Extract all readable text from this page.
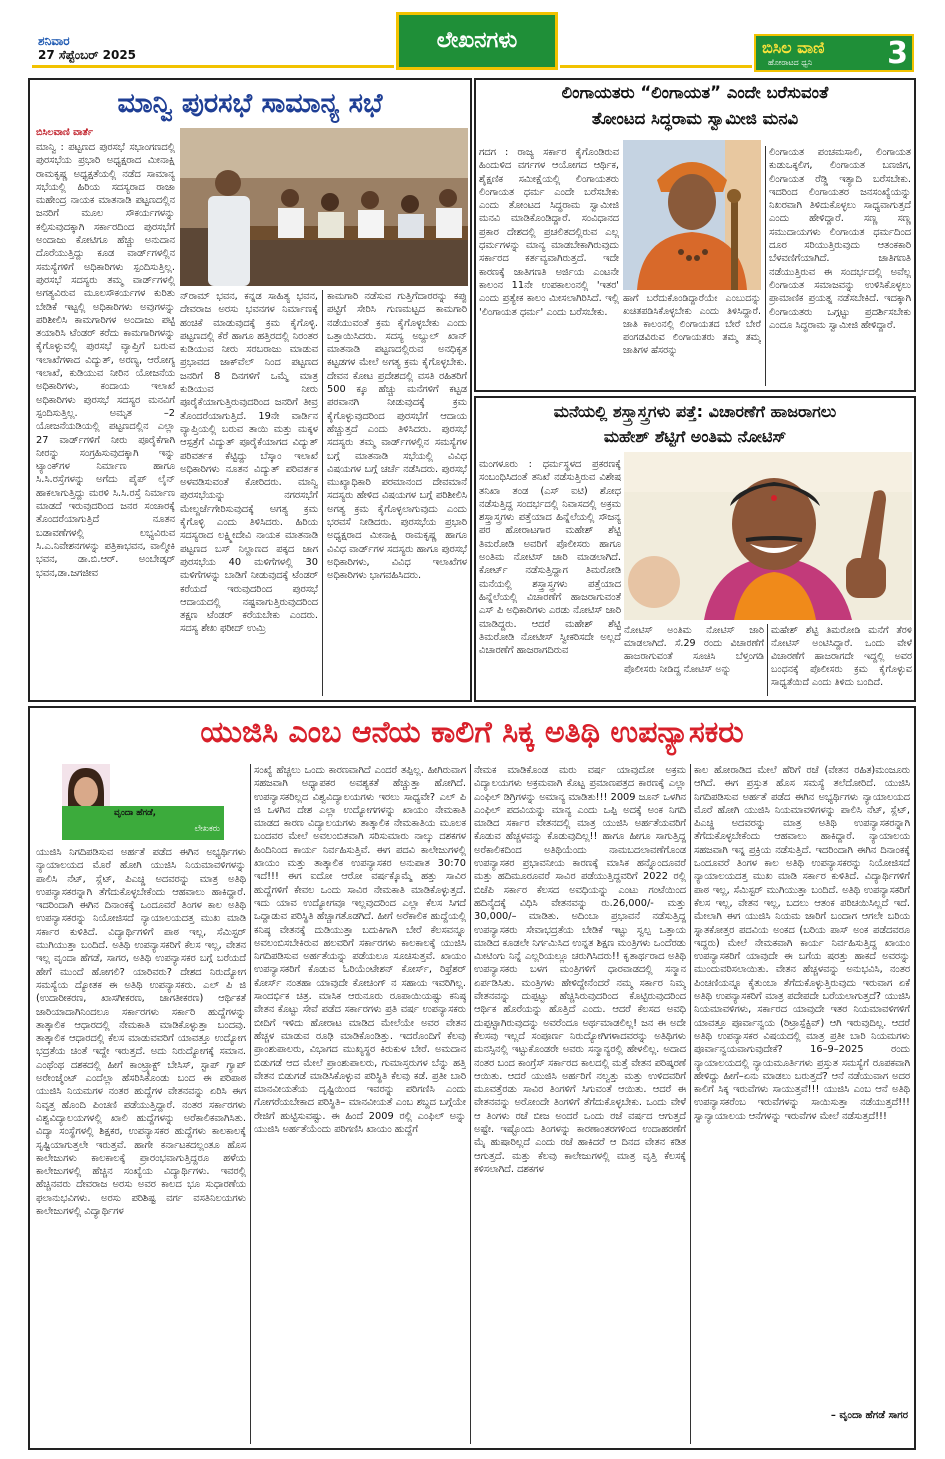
ಶನಿವಾರ
27 ಸೆಪ್ಟೆಂಬರ್ 2025
ಲೇಖನಗಳು	ಬಿಸಿಲ ವಾಣಿ
ಹೋರಾಟದ ಧ್ವನಿ 3
ಮಾನ್ವಿ ಪುರಸಭೆ ಸಾಮಾನ್ಯ ಸಭೆ
ಬಿಸಿಲವಾಣಿ ವಾರ್ತೆ
ಮಾನ್ವಿ : ಪಟ್ಟಣದ ಪುರಸಭೆ ಸಭಾಂಗಣದಲ್ಲಿ ಪುರಸಭೆಯ ಪ್ರಭಾರಿ ಅಧ್ಯಕ್ಷರಾದ ಮೀನಾಕ್ಷಿ ರಾಮಕೃಷ್ಣ ಅಧ್ಯಕ್ಷತೆಯಲ್ಲಿ ನಡೆದ ಸಾಮಾನ್ಯ ಸಭೆಯಲ್ಲಿ ಹಿರಿಯ ಸದಸ್ಯರಾದ ರಾಜಾ ಮಹೇಂದ್ರ ನಾಯಕ ಮಾತನಾಡಿ ಪಟ್ಟಣದಲ್ಲಿನ ಜನರಿಗೆ ಮೂಲ ಸೌಕರ್ಯಗಳನ್ನು ಕಲ್ಪಿಸುವುದಕ್ಕಾಗಿ ಸರ್ಕಾರದಿಂದ ಪುರಸಭೆಗೆ ಅಂದಾಜು ಕೋಟಿಗೂ ಹೆಚ್ಚು ಅನುದಾನ ದೊರೆಯುತ್ತಿದ್ದು ಕೂಡ ವಾರ್ಡ್‌ಗಳಲ್ಲಿನ ಸಮಸ್ಯೆಗಳಿಗೆ ಅಧಿಕಾರಿಗಳು ಸ್ಪಂದಿಸುತ್ತಿಲ್ಲ. ಪುರಸಭೆ ಸದಸ್ಯರು ತಮ್ಮ ವಾರ್ಡ್‌ಗಳಲ್ಲಿ ಅಗತ್ಯವಿರುವ ಮೂಲಸೌಕರ್ಯಗಳ ಕುರಿತು ಬೇಡಿಕೆ ಇಟ್ಟಲ್ಲಿ ಅಧಿಕಾರಿಗಳು ಅವುಗಳನ್ನು ಪರಿಶೀಲಿಸಿ ಕಾಮಗಾರಿಗಳ ಅಂದಾಜು ಪಟ್ಟಿ ತಯಾರಿಸಿ ಟೆಂಡರ್ ಕರೆದು ಕಾಮಗಾರಿಗಳನ್ನು ಕೈಗೊಳ್ಳುವಲ್ಲಿ ಪುರಸಭೆ ವ್ಯಾಪ್ತಿಗೆ ಬರುವ ಇಲಾಖೆಗಳಾದ ವಿದ್ಯುತ್, ಅರಣ್ಯ, ಆರೋಗ್ಯ ಇಲಾಖೆ, ಕುಡಿಯುವ ನೀರಿನ ಯೋಜನೆಯ ಅಧಿಕಾರಿಗಳು, ಕಂದಾಯ ಇಲಾಖೆ ಅಧಿಕಾರಿಗಳು ಪುರಸಭೆ ಸದಸ್ಯರ ಮನವಿಗೆ ಸ್ಪಂದಿಸುತ್ತಿಲ್ಲ. ಅಮೃತ –2 ಯೋಜನೆಯಡಿಯಲ್ಲಿ ಪಟ್ಟಣದಲ್ಲಿನ ಎಲ್ಲಾ 27 ವಾರ್ಡ್‌ಗಳಿಗೆ ನೀರು ಪೂರೈಕೆಗಾಗಿ ನೀರನ್ನು ಸಂಗ್ರಹಿಸುವುದಕ್ಕಾಗಿ ಇನ್ನು ಟ್ಯಾಂಕ್‌ಗಳ ನಿರ್ಮಾಣ ಹಾಗೂ ಸಿ.ಸಿ.ರಸ್ತೆಗಳನ್ನು ಅಗೆದು ಪೈಪ್ ಲೈನ್ ಹಾಕಲಾಗುತ್ತಿದ್ದು ಮರಳಿ ಸಿ.ಸಿ.ರಸ್ತೆ ನಿರ್ಮಾಣ ಮಾಡದೆ ಇರುವುದರಿಂದ ಜನರ ಸಂಚಾರಕ್ಕೆ ತೊಂದರೆಯಾಗುತ್ತಿದೆ ನೂತನ ಬಡಾವಣೆಗಳಲ್ಲಿ ಲಭ್ಯವಿರುವ ಸಿ.ಎ.ನಿವೇಶನಗಳನ್ನು ಪತ್ರಿಕಾಭವನ, ವಾಲ್ಮೀಕಿ ಭವನ, ಡಾ.ಬಿ.ಆರ್. ಅಂಬೇಡ್ಕರ್ ಭವನ,ಡಾ.ಜಗಜೀವ
ನ್‌ರಾಮ್ ಭವನ, ಕನ್ನಡ ಸಾಹಿತ್ಯ ಭವನ, ದೇವರಾಜ ಅರಸು ಭವನಗಳ ನಿರ್ಮಾಣಕ್ಕೆ ಹಂಚಿಕೆ ಮಾಡುವುದಕ್ಕೆ ಕ್ರಮ ಕೈಗೊಳ್ಳಿ. ಪಟ್ಟಣದಲ್ಲಿ ಕೆರೆ ಹಾಗೂ ಹತ್ತಿರದಲ್ಲಿ ನಿರಂತರ ಕುಡಿಯುವ ನೀರು ಸರಬರಾಜು ಮಾಡುವ ಪ್ರಭಾವದ ಜಾಕ್‌ವೆಲ್ ನಿಂದ ಪಟ್ಟಣದ ಜನರಿಗೆ 8 ದಿನಗಳಿಗೆ ಒಮ್ಮೆ ಮಾತ್ರ ಕುಡಿಯುವ ನೀರು ಪೂರೈಕೆಯಾಗುತ್ತಿರುವುದರಿಂದ ಜನರಿಗೆ ತೀವ್ರ ತೊಂದರೆಯಾಗುತ್ತಿದೆ. 19ನೇ ವಾರ್ಡಿನ ವ್ಯಾಪ್ತಿಯಲ್ಲಿ ಬರುವ ತಾಯಿ ಮತ್ತು ಮಕ್ಕಳ ಆಸ್ಪತ್ರೆಗೆ ವಿದ್ಯುತ್ ಪೂರೈಕೆಯಾಗದ ವಿದ್ಯುತ್ ಪರಿವರ್ತಕ ಕೆಟ್ಟಿದ್ದು ಬೆಸ್ಕಾಂ ಇಲಾಖೆ ಅಧಿಕಾರಿಗಳು ನೂತನ ವಿದ್ಯುತ್ ಪರಿವರ್ತಕ ಅಳವಡಿಸುವಂತೆ ಕೋರಿದರು. ಮಾನ್ವಿ ಪುರಸಭೆಯನ್ನು ನಗರಸಭೆಗೆ ಮೇಲ್ದರ್ಜೆಗೇರಿಸುವುದಕ್ಕೆ ಅಗತ್ಯ ಕ್ರಮ ಕೈಗೊಳ್ಳಿ ಎಂದು ತಿಳಿಸಿದರು. ಹಿರಿಯ ಸದಸ್ಯರಾದ ಲಕ್ಷ್ಮೀದೇವಿ ನಾಯಕ ಮಾತನಾಡಿ ಪಟ್ಟಣದ ಬಸ್ ನಿಲ್ದಾಣದ ಪಕ್ಕದ ಜಾಗ ಪುರಸಭೆಯ 40 ಮಳಿಗೆಗಳಲ್ಲಿ 30 ಮಳಿಗೆಗಳನ್ನು ಬಾಡಿಗೆ ನೀಡುವುದಕ್ಕೆ ಟೆಂಡರ್ ಕರೆಯದೆ ಇರುವುದರಿಂದ ಪುರಸಭೆ ಆದಾಯದಲ್ಲಿ ನಷ್ಟವಾಗುತ್ತಿರುವುದರಿಂದ ತಕ್ಷಣ ಟೆಂಡರ್ ಕರೆಯಬೇಕು ಎಂದರು. ಸದಸ್ಯ ಶೇಖ ಫರೀದ್ ಉಮ್ರಿ
ಕಾಮಗಾರಿ ನಡೆಸುವ ಗುತ್ತಿಗೆದಾರರನ್ನು ಕಪ್ಪು ಪಟ್ಟಿಗೆ ಸೇರಿಸಿ ಗುಣಮಟ್ಟದ ಕಾಮಗಾರಿ ನಡೆಯುವಂತೆ ಕ್ರಮ ಕೈಗೊಳ್ಳಬೇಕು ಎಂದು ಒತ್ತಾಯಿಸಿದರು. ಸದಸ್ಯ ಅಬ್ದುಲ್ ಖಾನ್ ಮಾತನಾಡಿ ಪಟ್ಟಣದಲ್ಲಿರುವ ಅನಧಿಕೃತ ಕಟ್ಟಡಗಳ ಮೇಲೆ ಅಗತ್ಯ ಕ್ರಮ ಕೈಗೊಳ್ಳಬೇಕು. ದೇವನ ಕೋಟ ಪ್ರದೇಶದಲ್ಲಿ ವಸತಿ ರಹಿತರಿಗೆ 500 ಕ್ಕೂ ಹೆಚ್ಚು ಮನೆಗಳಿಗೆ ಕಟ್ಟಡ ಪರವಾನಗಿ ನೀಡುವುದಕ್ಕೆ ಕ್ರಮ ಕೈಗೊಳ್ಳುವುದರಿಂದ ಪುರಸಭೆಗೆ ಆದಾಯ ಹೆಚ್ಚುತ್ತದೆ ಎಂದು ತಿಳಿಸಿದರು. ಪುರಸಭೆ ಸದಸ್ಯರು ತಮ್ಮ ವಾರ್ಡ್‌ಗಳಲ್ಲಿನ ಸಮಸ್ಯೆಗಳ ಬಗ್ಗೆ ಮಾತನಾಡಿ ಸಭೆಯಲ್ಲಿ ವಿವಿಧ ವಿಷಯಗಳ ಬಗ್ಗೆ ಚರ್ಚೆ ನಡೆಸಿದರು. ಪುರಸಭೆ ಮುಖ್ಯಾಧಿಕಾರಿ ಪರಮಾನಂದ ದೇವಮಾನೆ ಸದಸ್ಯರು ಹೇಳಿದ ವಿಷಯಗಳ ಬಗ್ಗೆ ಪರಿಶೀಲಿಸಿ ಅಗತ್ಯ ಕ್ರಮ ಕೈಗೊಳ್ಳಲಾಗುವುದು ಎಂದು ಭರವಸೆ ನೀಡಿದರು. ಪುರಸಭೆಯ ಪ್ರಭಾರಿ ಅಧ್ಯಕ್ಷರಾದ ಮೀನಾಕ್ಷಿ ರಾಮಕೃಷ್ಣ ಹಾಗೂ ವಿವಿಧ ವಾರ್ಡ್‌ಗಳ ಸದಸ್ಯರು ಹಾಗೂ ಪುರಸಭೆ ಅಧಿಕಾರಿಗಳು, ವಿವಿಧ ಇಲಾಖೆಗಳ ಅಧಿಕಾರಿಗಳು ಭಾಗವಹಿಸಿದರು.
ಲಿಂಗಾಯತರು “ಲಿಂಗಾಯತ” ಎಂದೇ ಬರೆಸುವಂತೆ
ತೋಂಟದ ಸಿದ್ಧರಾಮ ಸ್ವಾಮೀಜಿ ಮನವಿ
ಗದಗ : ರಾಜ್ಯ ಸರ್ಕಾರ ಕೈಗೊಂಡಿರುವ ಹಿಂದುಳಿದ ವರ್ಗಗಳ ಆಯೋಗದ ಆರ್ಥಿಕ, ಶೈಕ್ಷಣಿಕ ಸಮೀಕ್ಷೆಯಲ್ಲಿ ಲಿಂಗಾಯತರು ಲಿಂಗಾಯತ ಧರ್ಮ ಎಂದೇ ಬರೆಸಬೇಕು ಎಂದು ತೋಂಟದ ಸಿದ್ಧರಾಮ ಸ್ವಾಮೀಜಿ ಮನವಿ ಮಾಡಿಕೊಂಡಿದ್ದಾರೆ. ಸಂವಿಧಾನದ ಪ್ರಕಾರ ದೇಶದಲ್ಲಿ ಪ್ರಚಲಿತದಲ್ಲಿರುವ ಎಲ್ಲ ಧರ್ಮಗಳನ್ನು ಮಾನ್ಯ ಮಾಡಬೇಕಾಗಿರುವುದು ಸರ್ಕಾರದ ಕರ್ತವ್ಯವಾಗಿರುತ್ತದೆ. ಇದೇ ಕಾರಣಕ್ಕೆ ಜಾತಿಗಣತಿ ಅರ್ಜಿಯ ಎಂಟನೇ ಕಾಲಂನ 11ನೇ ಉಪಕಾಲಂನಲ್ಲಿ 'ಇತರ' ಎಂದು ಪ್ರತ್ಯೇಕ ಕಾಲಂ ಮೀಸಲಾಗಿರಿಸಿದೆ. ಇಲ್ಲಿ 'ಲಿಂಗಾಯತ ಧರ್ಮ' ಎಂದು ಬರೆಸಬೇಕು.
ಹಾಗೆ ಬರೆದುಕೊಂಡಿದ್ದಾರೆಯೇ ಎಂಬುದನ್ನು ಖಚಿತಪಡಿಸಿಕೊಳ್ಳಬೇಕು ಎಂದು ತಿಳಿಸಿದ್ದಾರೆ. ಜಾತಿ ಕಾಲಂನಲ್ಲಿ ಲಿಂಗಾಯತದ ಬೇರೆ ಬೇರೆ ಪಂಗಡವಿರುವ ಲಿಂಗಾಯತರು ತಮ್ಮ ತಮ್ಮ ಜಾತಿಗಳ ಹೆಸರನ್ನು
ಲಿಂಗಾಯತ ಪಂಚಮಸಾಲಿ, ಲಿಂಗಾಯತ ಕುಡುಒಕ್ಕಲಿಗ, ಲಿಂಗಾಯತ ಬಣಜಿಗ, ಲಿಂಗಾಯತ ರೆಡ್ಡಿ ಇತ್ಯಾದಿ ಬರೆಸಬೇಕು. ಇದರಿಂದ ಲಿಂಗಾಯತರ ಜನಸಂಖ್ಯೆಯನ್ನು ನಿಖರವಾಗಿ ತಿಳಿದುಕೊಳ್ಳಲು ಸಾಧ್ಯವಾಗುತ್ತದೆ ಎಂದು ಹೇಳಿದ್ದಾರೆ. ಸಣ್ಣ ಸಣ್ಣ ಸಮುದಾಯಗಳು ಲಿಂಗಾಯತ ಧರ್ಮದಿಂದ ದೂರ ಸರಿಯುತ್ತಿರುವುದು ಆತಂಕಕಾರಿ ಬೆಳವಣಿಗೆಯಾಗಿದೆ. ಜಾತಿಗಣತಿ ನಡೆಯುತ್ತಿರುವ ಈ ಸಂದರ್ಭದಲ್ಲಿ ಅವೆಲ್ಲ ಲಿಂಗಾಯತ ಸಮಾಜವನ್ನು ಉಳಿಸಿಕೊಳ್ಳಲು ಪ್ರಾಮಾಣಿಕ ಪ್ರಯತ್ನ ನಡೆಸಬೇಕಿದೆ. ಇದಕ್ಕಾಗಿ ಲಿಂಗಾಯತರು ಒಗ್ಗಟ್ಟು ಪ್ರದರ್ಶಿಸಬೇಕು ಎಂದೂ ಸಿದ್ಧರಾಮ ಸ್ವಾಮೀಜಿ ಹೇಳಿದ್ದಾರೆ.
ಮನೆಯಲ್ಲಿ ಶಸ್ತ್ರಾಸ್ತ್ರಗಳು ಪತ್ತೆ: ವಿಚಾರಣೆಗೆ ಹಾಜರಾಗಲು
ಮಹೇಶ್ ಶೆಟ್ಟಿಗೆ ಅಂತಿಮ ನೋಟಿಸ್
ಮಂಗಳೂರು : ಧರ್ಮಸ್ಥಳದ ಪ್ರಕರಣಕ್ಕೆ ಸಂಬಂಧಿಸಿದಂತೆ ತನಿಖೆ ನಡೆಸುತ್ತಿರುವ ವಿಶೇಷ ತನಿಖಾ ತಂಡ (ಎಸ್ ಐಟಿ) ಶೋಧ ನಡೆಸುತ್ತಿದ್ದ ಸಂದರ್ಭದಲ್ಲಿ ನಿವಾಸದಲ್ಲಿ ಅಕ್ರಮ ಶಸ್ತ್ರಾಸ್ತ್ರಗಳು ಪತ್ತೆಯಾದ ಹಿನ್ನೆಲೆಯಲ್ಲಿ ಸೌಜನ್ಯ ಪರ ಹೋರಾಟಗಾರ ಮಹೇಶ್ ಶೆಟ್ಟಿ ತಿಮರೋಡಿ ಅವರಿಗೆ ಪೊಲೀಸರು ಹಾಗೂ ಅಂತಿಮ ನೋಟಿಸ್ ಜಾರಿ ಮಾಡಲಾಗಿದೆ. ಕೋರ್ಟ್ ನಡೆಸುತ್ತಿದ್ದಾಗ ತಿಮರೋಡಿ ಮನೆಯಲ್ಲಿ ಶಸ್ತ್ರಾಸ್ತ್ರಗಳು ಪತ್ತೆಯಾದ ಹಿನ್ನೆಲೆಯಲ್ಲಿ ವಿಚಾರಣೆಗೆ ಹಾಜರಾಗುವಂತೆ ಎಸ್ ಪಿ ಅಧಿಕಾರಿಗಳು ಎರಡು ನೋಟಿಸ್ ಜಾರಿ ಮಾಡಿದ್ದರು. ಆದರೆ ಮಹೇಶ್ ಶೆಟ್ಟಿ ತಿಮರೋಡಿ ನೋಟೀಸ್ ಸ್ವೀಕರಿಸದೇ ಅಲ್ಲದೆ ವಿಚಾರಣೆಗೆ ಹಾಜರಾಗದಿರುವ
ನೋಟಿಸ್ ಅಂತಿಮ ನೋಟಿಸ್ ಜಾರಿ ಮಾಡಲಾಗಿದೆ. ಸೆ.29 ರಂದು ವಿಚಾರಣೆಗೆ ಹಾಜರಾಗುವಂತೆ ಸೂಚಿಸಿ ಬೆಳ್ತಂಗಡಿ ಪೊಲೀಸರು ನೀಡಿದ್ದ ನೋಟಿಸ್ ಅನ್ನು
ಮಹೇಶ್ ಶೆಟ್ಟಿ ತಿಮರೋಡಿ ಮನೆಗೆ ತೆರಳಿ ನೋಟಿಸ್ ಅಂಟಿಸಿದ್ದಾರೆ. ಒಂದು ವೇಳೆ ವಿಚಾರಣೆಗೆ ಹಾಜರಾಗದೇ ಇದ್ದಲ್ಲಿ ಅವರ ಬಂಧನಕ್ಕೆ ಪೊಲೀಸರು ಕ್ರಮ ಕೈಗೊಳ್ಳುವ ಸಾಧ್ಯತೆಯಿದೆ ಎಂದು ತಿಳಿದು ಬಂದಿದೆ.
ಯುಜಿಸಿ ಎಂಬ ಆನೆಯ ಕಾಲಿಗೆ ಸಿಕ್ಕ ಅತಿಥಿ ಉಪನ್ಯಾಸಕರು
ವೃಂದಾ ಹೆಗಡೆ,
ಲೇಖಕರು
ಯುಜಿಸಿ ನಿಗದಿಪಡಿಸುವ ಅರ್ಹತೆ ಪಡೆದ ಈಗಿನ ಅಭ್ಯರ್ಥಿಗಳು ನ್ಯಾಯಾಲಯದ ಮೊರೆ ಹೋಗಿ ಯುಜಿಸಿ ನಿಯಮಾವಳಿಗಳನ್ನು ಪಾಲಿಸಿ ನೆಟ್, ಸ್ಲೆಟ್, ಪಿಎಚ್ಡಿ ಅದವರನ್ನು ಮಾತ್ರ ಅತಿಥಿ ಉಪನ್ಯಾಸಕರನ್ನಾಗಿ ತೆಗೆದುಕೊಳ್ಳಬೇಕೆಂದು ಆಹವಾಲು ಹಾಕಿದ್ದಾರೆ. ಇದರಿಂದಾಗಿ ಈಗಿನ ದಿನಾಂಕಕ್ಕೆ ಒಂದೂವರೆ ತಿಂಗಳ ಕಾಲ ಅತಿಥಿ ಉಪನ್ಯಾಸಕರನ್ನು ನಿಯೋಜಿಸದೆ ನ್ಯಾಯಾಲಯದತ್ತ ಮುಖ ಮಾಡಿ ಸರ್ಕಾರ ಕುಳಿತಿದೆ. ವಿದ್ಯಾರ್ಥಿಗಳಿಗೆ ಪಾಠ ಇಲ್ಲ, ಸೆಮಿಸ್ಟರ್ ಮುಗಿಯುತ್ತಾ ಬಂದಿದೆ. ಅತಿಥಿ ಉಪನ್ಯಾಸಕರಿಗೆ ಕೆಲಸ ಇಲ್ಲ, ವೇತನ ಇಲ್ಲ ವೃಂದಾ ಹೆಗಡೆ, ಸಾಗರ, ಅತಿಥಿ ಉಪನ್ಯಾಸಕರ ಬಗ್ಗೆ ಬರೆಯದೆ ಹೇಗೆ ಮುಂದೆ ಹೋಗಲಿ? ಯಾರಿವರು? ದೇಶದ ನಿರುದ್ಯೋಗ ಸಮಸ್ಯೆಯ ದ್ಯೋತಕ ಈ ಅತಿಥಿ ಉಪನ್ಯಾಸಕರು. ಎಲ್ ಪಿ ಜಿ (ಉದಾರೀಕರಣ, ಖಾಸಗೀಕರಣ, ಜಾಗತೀಕರಣ) ಆರ್ಥಿಕತೆ ಜಾರಿಯಾದಾಗಿನಿಂದಲೂ ಸರ್ಕಾರಗಳು ಸರ್ಕಾರಿ ಹುದ್ದೆಗಳನ್ನು ತಾತ್ಕಾಲಿಕ ಆಧಾರದಲ್ಲಿ ನೇಮಕಾತಿ ಮಾಡಿಕೊಳ್ಳುತ್ತಾ ಬಂದವು. ತಾತ್ಕಾಲಿಕ ಆಧಾರದಲ್ಲಿ ಕೆಲಸ ಮಾಡುವವರಿಗೆ ಯಾವತ್ತೂ ಉದ್ಯೋಗ ಭದ್ರತೆಯ ಚಿಂತೆ ಇದ್ದೇ ಇರುತ್ತದೆ. ಅದು ನಿರುದ್ಯೋಗಕ್ಕೆ ಸಮಾನ. ಎಂಥೆಂಥ ದಶಕದಲ್ಲಿ ಹೀಗೆ ಕಾಂಟ್ರ್ಯಾಕ್ಟ್ ಬೇಸಿಸ್, ಸ್ಟಾಪ್ ಗ್ಯಾಪ್ ಅರೇಂಜ್ಮೆಂಟ್ ಎಂದೆಲ್ಲಾ ಹೆಸರಿಸಿಕೊಂಡು ಬಂದ ಈ ಪರಿಪಾಠ ಯುಜಿಸಿ ನಿಯಮಗಳ ನಂತರ ಹುದ್ದೆಗಳ ವೇತನವನ್ನು ಏರಿಸಿ ಈಗ ನಿವೃತ್ತ ಹೊಂದಿ ಪಿಂಚಣಿ ಪಡೆಯುತ್ತಿದ್ದಾರೆ. ನಂತರ ಸರ್ಕಾರಗಳು ವಿಶ್ವವಿದ್ಯಾಲಯಗಳಲ್ಲಿ ಖಾಲಿ ಹುದ್ದೆಗಳನ್ನು ಅರೆಕಾಲಿಕವಾಗಿಸಿತು. ವಿದ್ಯಾ ಸಂಸ್ಥೆಗಳಲ್ಲಿ ಶಿಕ್ಷಕರ, ಉಪನ್ಯಾಸಕರ ಹುದ್ದೆಗಳು ಕಾಲಕಾಲಕ್ಕೆ ಸೃಷ್ಟಿಯಾಗುತ್ತಲೇ ಇರುತ್ತವೆ. ಹಾಗೇ ಕರ್ನಾಟಕದಲ್ಲಂತೂ ಹೊಸ ಕಾಲೇಜುಗಳು ಕಾಲಕಾಲಕ್ಕೆ ಪ್ರಾರಂಭವಾಗುತ್ತಿದ್ದರೂ ಹಳೆಯ ಕಾಲೇಜುಗಳಲ್ಲಿ ಹೆಚ್ಚಿನ ಸಂಖ್ಯೆಯ ವಿದ್ಯಾರ್ಥಿಗಳು. ಇವರಲ್ಲಿ ಹೆಚ್ಚಿನವರು ದೇವರಾಜ ಅರಸು ಅವರ ಕಾಲದ ಭೂ ಸುಧಾರಣೆಯ ಫಲಾನುಭವಿಗಳು. ಅರಸು ಪರಿಶಿಷ್ಟ ವರ್ಗ ವಸತಿನಿಲಯಗಳು ಕಾಲೇಜುಗಳಲ್ಲಿ ವಿದ್ಯಾರ್ಥಿಗಳ
ಸಂಖ್ಯೆ ಹೆಚ್ಚಲು ಒಂದು ಕಾರಣವಾಗಿದೆ ಎಂದರೆ ತಪ್ಪಿಲ್ಲ. ಹೀಗಿರುವಾಗ ಸಹಜವಾಗಿ ಅಧ್ಯಾಪಕರ ಅವಶ್ಯಕತೆ ಹೆಚ್ಚುತ್ತಾ ಹೋಗಿದೆ. ಉಪನ್ಯಾಸಕರಿಲ್ಲದ ವಿಶ್ವವಿದ್ಯಾಲಯಗಳು ಇರಲು ಸಾಧ್ಯವೇ? ಎಲ್ ಪಿ ಜಿ ಒಳಗಿನ ದೇಶ ಎಲ್ಲಾ ಉದ್ಯೋಗಗಳನ್ನು ಖಾಯಂ ನೇಮಕಾತಿ ಮಾಡದ ಕಾರಣ ವಿದ್ಯಾಲಯಗಳು ತಾತ್ಕಾಲಿಕ ನೇಮಕಾತಿಯ ಮೂಲಕ ಬಂದವರ ಮೇಲೆ ಅವಲಂಬಿತವಾಗಿ ಸರಿಸುಮಾರು ನಾಲ್ಕು ದಶಕಗಳ ಹಿಂದಿನಿಂದ ಕಾರ್ಯ ನಿರ್ವಹಿಸುತ್ತಿವೆ. ಈಗ ಪದವಿ ಕಾಲೇಜುಗಳಲ್ಲಿ ಖಾಯಂ ಮತ್ತು ತಾತ್ಕಾಲಿಕ ಉಪನ್ಯಾಸಕರ ಅನುಪಾತ 30:70 ಇದೆ!!! ಈಗ ಐದೋ ಆರೋ ವರ್ಷಕ್ಕೊಮ್ಮೆ ಹತ್ತು ಸಾವಿರ ಹುದ್ದೆಗಳಿಗೆ ಕೇವಲ ಒಂದು ಸಾವಿರ ನೇಮಕಾತಿ ಮಾಡಿಕೊಳ್ಳುತ್ತದೆ. ಇದು ಯಾವ ಉದ್ಯೋಗವೂ ಇಲ್ಲವುದರಿಂದ ಎಲ್ಲಾ ಕೆಲಸ ಸಿಗದೆ ಒದ್ದಾಡುವ ಪರಿಸ್ಥಿತಿ ಹೆಚ್ಚಾಗತೊಡಗಿದೆ. ಹೀಗೆ ಅರೆಕಾಲಿಕ ಹುದ್ದೆಯಲ್ಲಿ ಕನಿಷ್ಠ ವೇತನಕ್ಕೆ ದುಡಿಯುತ್ತಾ ಬದುಕಿಗಾಗಿ ಬೇರೆ ಕೆಲಸವನ್ನೂ ಅವಲಂಬಿಸಬೇಕಿರುವ ಹಲವರಿಗೆ ಸರ್ಕಾರಗಳು ಕಾಲಕಾಲಕ್ಕೆ ಯುಜಿಸಿ ನಿಗದಿಪಡಿಸುವ ಅರ್ಹತೆಯನ್ನು ಪಡೆಯಲೂ ಸೂಚಿಸುತ್ತವೆ. ಖಾಯಂ ಉಪನ್ಯಾಸಕರಿಗೆ ಕೊಡುವ ಓರಿಯೆಂಟೇಶನ್ ಕೋರ್ಸ್, ರಿಫ್ರೆಶರ್ ಕೋರ್ಸ್ ನಂತಹಾ ಯಾವುದೇ ಕೋಚಿಂಗ್ ನ ಸಹಾಯ ಇವರಿಗಿಲ್ಲ. ಸಾಂದರ್ಭಿಕ ಚಿತ್ರ. ಮಾಸಿಕ ಆರುನೂರು ರೂಪಾಯಿಯಷ್ಟು ಕನಿಷ್ಠ ವೇತನ ಕೊಟ್ಟು ಸೇವೆ ಪಡೆದ ಸರ್ಕಾರಗಳು ಪ್ರತಿ ವರ್ಷ ಉಪನ್ಯಾಸಕರು ಬೀದಿಗೆ ಇಳಿದು ಹೋರಾಟ ಮಾಡಿದ ಮೇಲೆಯೇ ಅವರ ವೇತನ ಹೆಚ್ಚಳ ಮಾಡುವ ರೂಢಿ ಮಾಡಿಕೊಂಡಿತ್ತು. ಇದರೊಂದಿಗೆ ಕೆಲವು ಪ್ರಾಂಶುಪಾಲರು, ವಿಭಾಗದ ಮುಖ್ಯಸ್ಥರ ಕಿರುಕುಳ ಬೇರೆ. ಅಮದಾನ ಬಿಡುಗಡೆ ಆದ ಮೇಲೆ ಪ್ರಾಂಶುಪಾಲರು, ಗುಮಾಸ್ತರುಗಳ ಬೆನ್ನು ಹತ್ತಿ ವೇತನ ಬಿಡುಗಡೆ ಮಾಡಿಸಿಕೊಳ್ಳುವ ಪರಿಸ್ಥಿತಿ ಕೆಲವು ಕಡೆ. ಪ್ರತೀ ಬಾರಿ ಮಾನವೀಯತೆಯ ದೃಷ್ಟಿಯಿಂದ ಇವರನ್ನು ಪರಿಗಣಿಸಿ ಎಂದು ಗೋಗರೆಯಬೇಕಾದ ಪರಿಸ್ಥಿತಿ– ಮಾನವೀಯತೆ ಎಂಬ ಶಬ್ದದ ಬಗ್ಗೆಯೇ ರೇಜಿಗೆ ಹುಟ್ಟಿಸುವಷ್ಟು. ಈ ಹಿಂದೆ 2009 ರಲ್ಲಿ ಎಂಫಿಲ್ ಅನ್ನು ಯುಜಿಸಿ ಅರ್ಹತೆಯೆಂದು ಪರಿಗಣಿಸಿ ಖಾಯಂ ಹುದ್ದೆಗೆ
ನೇಮಕ ಮಾಡಿಕೊಂಡ ಮರು ವರ್ಷ ಯಾವುದೋ ಅಕ್ರಮ ವಿದ್ಯಾಲಯಗಳು ಅಕ್ರಮವಾಗಿ ಕೊಟ್ಟ ಪ್ರಮಾಣಪತ್ರದ ಕಾರಣಕ್ಕೆ ಎಲ್ಲಾ ಎಂಫಿಲ್ ಡಿಗ್ರಿಗಳನ್ನು ಅಮಾನ್ಯ ಮಾಡಿತು!!! 2009 ಜೂನ್ ಒಳಗಿನ ಎಂಫಿಲ್ ಪದವಿಯನ್ನು ಮಾನ್ಯ ಎಂದು ಒಪ್ಪಿ ಅದಕ್ಕೆ ಅಂಕ ನಿಗದಿ ಮಾಡಿದ ಸರ್ಕಾರ ವೇತನದಲ್ಲಿ ಮಾತ್ರ ಯುಜಿಸಿ ಅರ್ಹತೆಯವರಿಗೆ ಕೊಡುವ ಹೆಚ್ಚಳವನ್ನು ಕೊಡುವುದಿಲ್ಲ!! ಹಾಗೂ ಹೀಗೂ ಸಾಗುತ್ತಿದ್ದ ಅರೆಕಾಲಿಕದಿಂದ ಅತಿಥಿಯೆಂದು ನಾಮಬದಲಾವಣೆಗೊಂಡ ಉಪನ್ಯಾಸಕರ ಪ್ರಭಾವನೀಯ ಕಾರಣಕ್ಕೆ ಮಾಸಿಕ ಹನ್ನೊಂದೂವರೆ ಮತ್ತು ಹದಿಮೂರೂವರೆ ಸಾವಿರ ಪಡೆಯುತ್ತಿದ್ದವರಿಗೆ 2022 ರಲ್ಲಿ ಬಿಜೆಪಿ ಸರ್ಕಾರ ಕೆಲಸದ ಅವಧಿಯನ್ನು ಎಂಟು ಗಂಟೆಯಿಂದ ಹದಿನೈದಕ್ಕೆ ವಿಧಿಸಿ ವೇತನವನ್ನು ರು.26,000/- ಮತ್ತು 30,000/– ಮಾಡಿತು. ಅದಿಂಬಾ ಪ್ರಭಾವನೆ ನಡೆಸುತ್ತಿದ್ದ ಉಪನ್ಯಾಸಕರು ಸೇವಾಭದ್ರತೆಯ ಬೇಡಿಕೆ ಇಟ್ಟು ಸ್ವಲ್ಪ ಒತ್ತಾಯ ಮಾಡಿದ ಕೂಡಲೇ ನಿರ್ಗಮಿಸಿದ ಉನ್ನತ ಶಿಕ್ಷಣ ಮಂತ್ರಿಗಳು ಒಂದೆರಡು ಮೀಟಿಂಗು ನಿನ್ನೆ ಎಲ್ಲರಿಯಲ್ಲೂ ಚರುಗಿಸಿದರು!! ಕೃತಾರ್ಥರಾದ ಅತಿಥಿ ಉಪನ್ಯಾಸಕರು ಬಳಗ ಮಂತ್ರಿಗಳಿಗೆ ಧಾರವಾಡದಲ್ಲಿ ಸನ್ಮಾನ ಏರ್ಪಡಿಸಿತು. ಮಂತ್ರಿಗಳು ಹೇಳಿದ್ದೇನೆಂದರೆ ನಮ್ಮ ಸರ್ಕಾರ ನಿಮ್ಮ ವೇತನವನ್ನು ದುಪ್ಪಟ್ಟು ಹೆಚ್ಚಿಸಿರುವುದರಿಂದ ಕೊಟ್ಟಿರುವುದರಿಂದ ಆರ್ಥಿಕ ಹೊರೆಯನ್ನು ಹೊತ್ತಿದೆ ಎಂದು. ಆದರೆ ಕೆಲಸದ ಅವಧಿ ದುಪ್ಪಟ್ಟಾಗಿರುವುದನ್ನು ಅವರೆಂದೂ ಅರ್ಥಮಾಡಲಿಲ್ಲ! ಜನ ಈ ಅದೇ ಕೆಲಸವು ಇಲ್ಲದೆ ಸಂಪೂರ್ಣ ನಿರುದ್ಯೋಗಿಗಳಾದವರನ್ನು ಅತಿಥಿಗಳು ಮನಸ್ಸಿನಲ್ಲಿ ಇಟ್ಟುಕೊಂಡರೇ ಅವರು ಸನ್ಮಾನ್ಯರಲ್ಲಿ ಹೇಳಲಿಲ್ಲ. ಅದಾದ ನಂತರ ಬಂದ ಕಾಂಗ್ರೆಸ್ ಸರ್ಕಾರದ ಕಾಲದಲ್ಲಿ ಮತ್ತೆ ವೇತನ ಪರಿಷ್ಕರಣೆ ಆಯಿತು. ಆದರೆ ಯುಜಿಸಿ ಅರ್ಹರಿಗೆ ನಲ್ವತ್ತು ಮತ್ತು ಉಳಿದವರಿಗೆ ಮೂವತ್ತೆರಡು ಸಾವಿರ ತಿಂಗಳಿಗೆ ಸಿಗುವಂತೆ ಆಯಿತು. ಆದರೆ ಈ ವೇತನವನ್ನು ಅರೋಂದೇ ತಿಂಗಳಿಗೆ ತೆಗೆದುಕೊಳ್ಳಬೇಕು. ಒಂದು ವೇಳೆ ಆ ತಿಂಗಳು ರಜೆ ಬೀಜ ಅಂದರೆ ಒಂದು ರಜೆ ವರ್ಷದ ಆಗುತ್ತದೆ ಅಷ್ಟೇ. ಇಷ್ಟೊಂದು ತಿಂಗಳನ್ನು ಕಾರಣಾಂತರಗಳಿಂದ ಉದಾಹರಣೆಗೆ ಮೈ ಹುಷಾರಿಲ್ಲದೆ ಎಂದು ರಜೆ ಹಾಕಿದರೆ ಆ ದಿನದ ವೇತನ ಕಡಿತ ಆಗುತ್ತದೆ. ಮತ್ತು ಕೆಲವು ಕಾಲೇಜುಗಳಲ್ಲಿ ಮಾತ್ರ ವೃತ್ತಿ ಕೆಲಸಕ್ಕೆ ಕಳಿಸಲಾಗಿದೆ. ದಶಕಗಳ
ಕಾಲ ಹೋರಾಡಿದ ಮೇಲೆ ಹೆರಿಗೆ ರಜೆ (ವೇತನ ರಹಿತ)ಮಂಜೂರು ಆಗಿದೆ. ಈಗ ಪ್ರಸ್ತುತ ಹೊಸ ಸಮಸ್ಯೆ ತಲೆದೋರಿದೆ. ಯುಜಿಸಿ ನಿಗದಿಪಡಿಸುವ ಅರ್ಹತೆ ಪಡೆದ ಈಗಿನ ಅಭ್ಯರ್ಥಿಗಳು ನ್ಯಾಯಾಲಯದ ಮೊರೆ ಹೋಗಿ ಯುಜಿಸಿ ನಿಯಮಾವಳಿಗಳನ್ನು ಪಾಲಿಸಿ ನೆಟ್, ಸ್ಲೆಟ್, ಪಿಎಚ್ಡಿ ಅದವರನ್ನು ಮಾತ್ರ ಅತಿಥಿ ಉಪನ್ಯಾಸಕರನ್ನಾಗಿ ತೆಗೆದುಕೊಳ್ಳಬೇಕೆಂದು ಆಹವಾಲು ಹಾಕಿದ್ದಾರೆ. ನ್ಯಾಯಾಲಯ ಸಹಜವಾಗಿ ಇನ್ನ ಪ್ರಕ್ರಿಯ ನಡೆಸುತ್ತಿದೆ. ಇದರಿಂದಾಗಿ ಈಗಿನ ದಿನಾಂಕಕ್ಕೆ ಒಂದೂವರೆ ತಿಂಗಳ ಕಾಲ ಅತಿಥಿ ಉಪನ್ಯಾಸಕರನ್ನು ನಿಯೋಜಿಸದೆ ನ್ಯಾಯಾಲಯದತ್ತ ಮುಖ ಮಾಡಿ ಸರ್ಕಾರ ಕುಳಿತಿದೆ. ವಿದ್ಯಾರ್ಥಿಗಳಿಗೆ ಪಾಠ ಇಲ್ಲ, ಸೆಮಿಸ್ಟರ್ ಮುಗಿಯುತ್ತಾ ಬಂದಿದೆ. ಅತಿಥಿ ಉಪನ್ಯಾಸಕರಿಗೆ ಕೆಲಸ ಇಲ್ಲ, ವೇತನ ಇಲ್ಲ, ಬದಲು ಆತಂಕ ಪರಿಚಯಿಸಿಲ್ಲದೆ ಇದೆ. ಮೇಲಾಗಿ ಈಗ ಯುಜಿಸಿ ನಿಯಮ ಜಾರಿಗೆ ಬಂದಾಗ ಆಗಲೇ ಬರಿಯ ಸ್ನಾತಕೋತ್ತರ ಪದವಿಯ ಅಂಕದ (ಬರಿಯ ಪಾಸ್ ಅಂಕ ಪಡೆದವರೂ ಇದ್ದರು) ಮೇಲೆ ನೇಮಕವಾಗಿ ಕಾರ್ಯ ನಿರ್ವಹಿಸುತ್ತಿದ್ದ ಖಾಯಂ ಉಪನ್ಯಾಸಕರಿಗೆ ಯಾವುದೇ ಈ ಬಗೆಯ ಷರತ್ತು ಹಾಕದೆ ಅವರನ್ನು ಮುಂದುವರಿಸಲಾಯಿತು. ವೇತನ ಹೆಚ್ಚಳವನ್ನು ಅನುಭವಿಸಿ, ನಂತರ ಪಿಂಚಣಿಯನ್ನೂ ಕೈತುಂಬಾ ತೆಗೆದುಕೊಳ್ಳುತ್ತಿರುವುದು ಇರುವಾಗ ಏಕೆ ಅತಿಥಿ ಉಪನ್ಯಾಸಕರಿಗೆ ಮಾತ್ರ ಪದೇಪದೇ ಬರೆಯಲಾಗುತ್ತದೆ? ಯುಜಿಸಿ ನಿಯಮಾವಳಿಗಳು, ಸರ್ಕಾರದ ಯಾವುದೇ ಇತರ ನಿಯಮಾವಳಿಗಳಿಗೆ ಯಾವತ್ತೂ ಪೂರ್ವಾನ್ವಯ (ರಿಟ್ರಾಸ್ಪೆಕ್ಟಿವ್) ಆಗಿ ಇರುವುದಿಲ್ಲ. ಆದರೆ ಅತಿಥಿ ಉಪನ್ಯಾಸಕರ ವಿಷಯದಲ್ಲಿ ಮಾತ್ರ ಪ್ರತೀ ಬಾರಿ ನಿಯಮಗಳು ಪೂರ್ವಾನ್ವಯವಾಗುವುದೇಕೆ? 16–9–2025 ರಂದು ನ್ಯಾಯಾಲಯದಲ್ಲಿ ನ್ಯಾಯಮೂರ್ತಿಗಳು ಪ್ರಸ್ತುತ ಸಮಸ್ಯೆಗೆ ರೂಪಕವಾಗಿ ಹೇಳಿದ್ದು ಹೀಗೆ–ಏನು ಮಾಡಲು ಬರುತ್ತದೆ? ಆನೆ ನಡೆಯುವಾಗ ಅದರ ಕಾಲಿಗೆ ಸಿಕ್ಕ ಇರುವೆಗಳು ಸಾಯುತ್ತವೆ!!! ಯುಜಿಸಿ ಎಂಬ ಆನೆ ಅತಿಥಿ ಉಪನ್ಯಾಸಕರೆಂಬ ಇರುವೆಗಳನ್ನು ಸಾಯಿಸುತ್ತಾ ನಡೆಯುತ್ತದೆ!!!ಸ್ವಾನ್ಯಾಯಾಲಯ ಆನೆಗಳನ್ನು ಇರುವೆಗಳ ಮೇಲೆ ನಡೆಸುತ್ತದೆ!!!
– ವೃಂದಾ ಹೆಗಡೆ ಸಾಗರ
